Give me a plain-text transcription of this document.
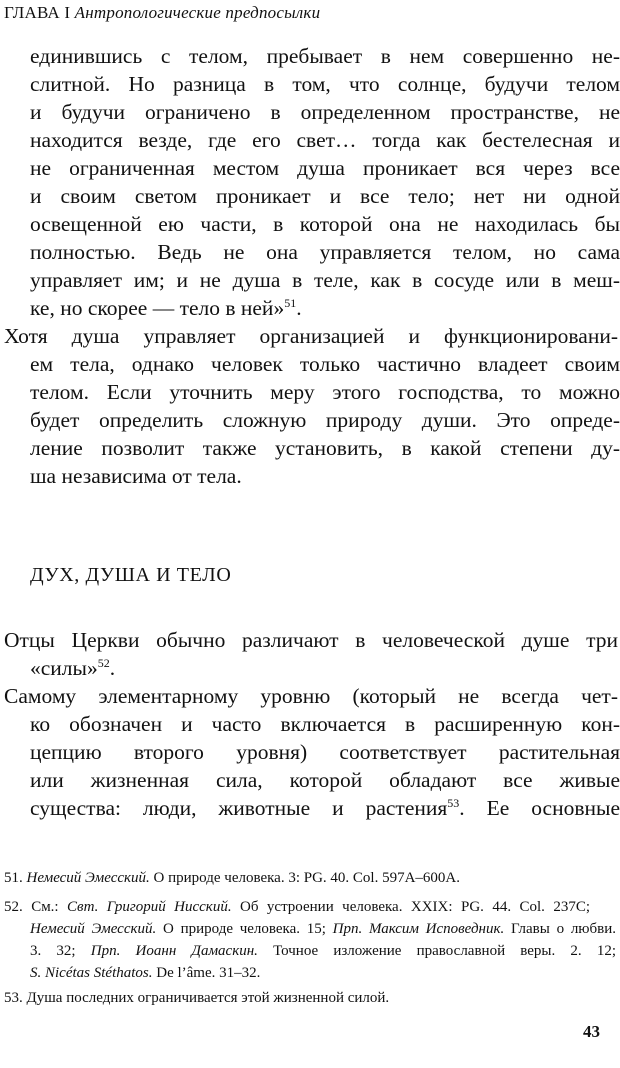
ГЛАВА I Антропологические предпосылки
единившись с телом, пребывает в нем совершенно не-
слитной. Но разница в том, что солнце, будучи телом
и будучи ограничено в определенном пространстве, не
находится везде, где его свет… тогда как бестелесная и
не ограниченная местом душа проникает вся через все
и своим светом проникает и все тело; нет ни одной
освещенной ею части, в которой она не находилась бы
полностью. Ведь не она управляется телом, но сама
управляет им; и не душа в теле, как в сосуде или в меш-
ке, но скорее — тело в ней»$^{51}$.
Хотя душа управляет организацией и функционировани-
ем тела, однако человек только частично владеет своим
телом. Если уточнить меру этого господства, то можно
будет определить сложную природу души. Это опреде-
ление позволит также установить, в какой степени ду-
ша независима от тела.
ДУХ, ДУША И ТЕЛО
Отцы Церкви обычно различают в человеческой душе три
«силы»$^{52}$.
Самому элементарному уровню (который не всегда чет-
ко обозначен и часто включается в расширенную кон-
цепцию второго уровня) соответствует растительная
или жизненная сила, которой обладают все живые
существа: люди, животные и растения$^{53}$. Ее основные
51. Немесий Эмесский. О природе человека. 3: PG. 40. Col. 597A–600A.
52. См.: Свт. Григорий Нисский. Об устроении человека. XXIX: PG. 44. Col. 237C;
Немесий Эмесский. О природе человека. 15; Прп. Максим Исповедник. Главы о любви.
3. 32; Прп. Иоанн Дамаскин. Точное изложение православной веры. 2. 12;
S. Nicétas Stéthatos. De l’âme. 31–32.
53. Душа последних ограничивается этой жизненной силой.
43
